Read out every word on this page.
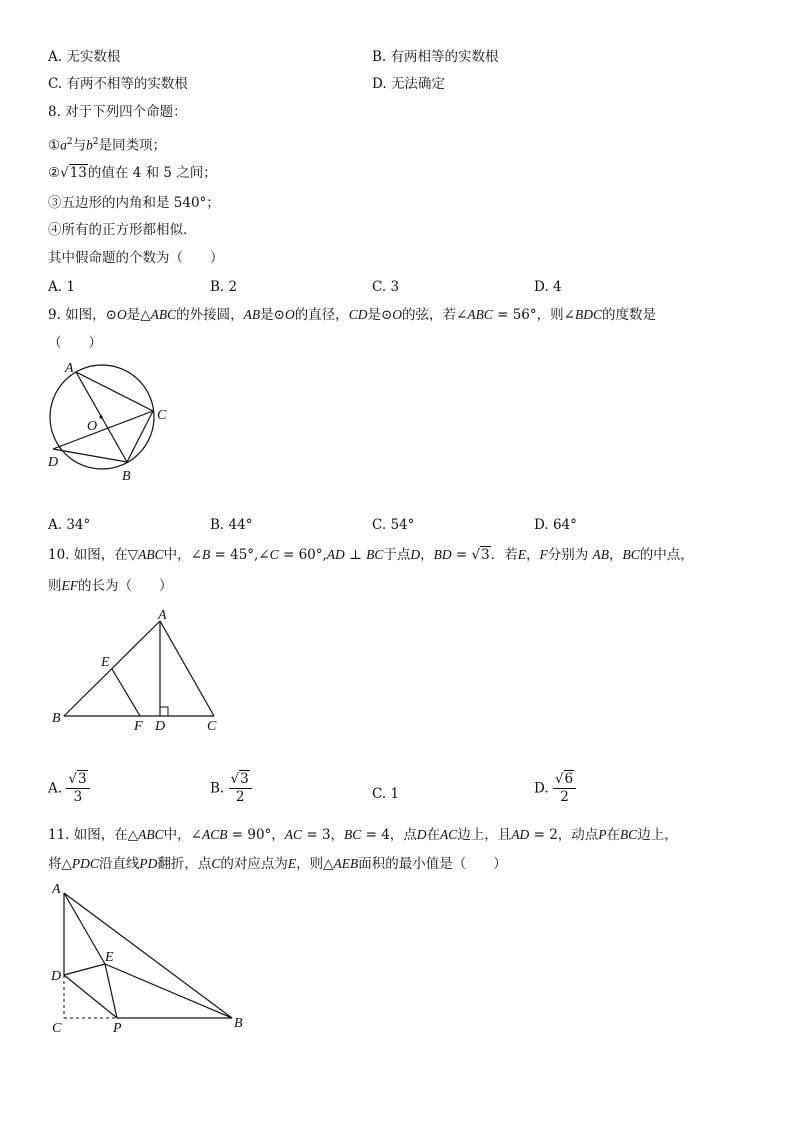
A. 无实数根	B. 有两相等的实数根
C. 有两不相等的实数根	D. 无法确定
8. 对于下列四个命题：
$①a^2$与$b^2$是同类项；
②√13的值在 4 和 5 之间；
③五边形的内角和是 540°；
④所有的正方形都相似．
其中假命题的个数为（　　）
A. 1	B. 2	C. 3	D. 4
9. 如图，⊙O是△ABC的外接圆，AB是⊙O的直径，CD是⊙O的弦，若∠ABC = 56°，则∠BDC的度数是
（　　）
A
C
O
D
B
A. 34°	B. 44°	C. 54°	D. 64°
10. 如图，在▽ABC中，∠B = 45°,∠C = 60°,AD ⊥ BC于点D，BD = √3．若E，F分别为 AB，BC的中点，
则EF的长为（　　）
A
E
B
F D	C
A. $\frac{√3}{3}$	B. $\frac{√3}{2}$	C. 1	D. $\frac{√6}{2}$
11. 如图，在△ABC中，∠ACB = 90°，AC = 3，BC = 4，点D在AC边上，且AD = 2，动点P在BC边上，
将△PDC沿直线PD翻折，点C的对应点为E，则△AEB面积的最小值是（　　）
A
E
D
C	P	B
